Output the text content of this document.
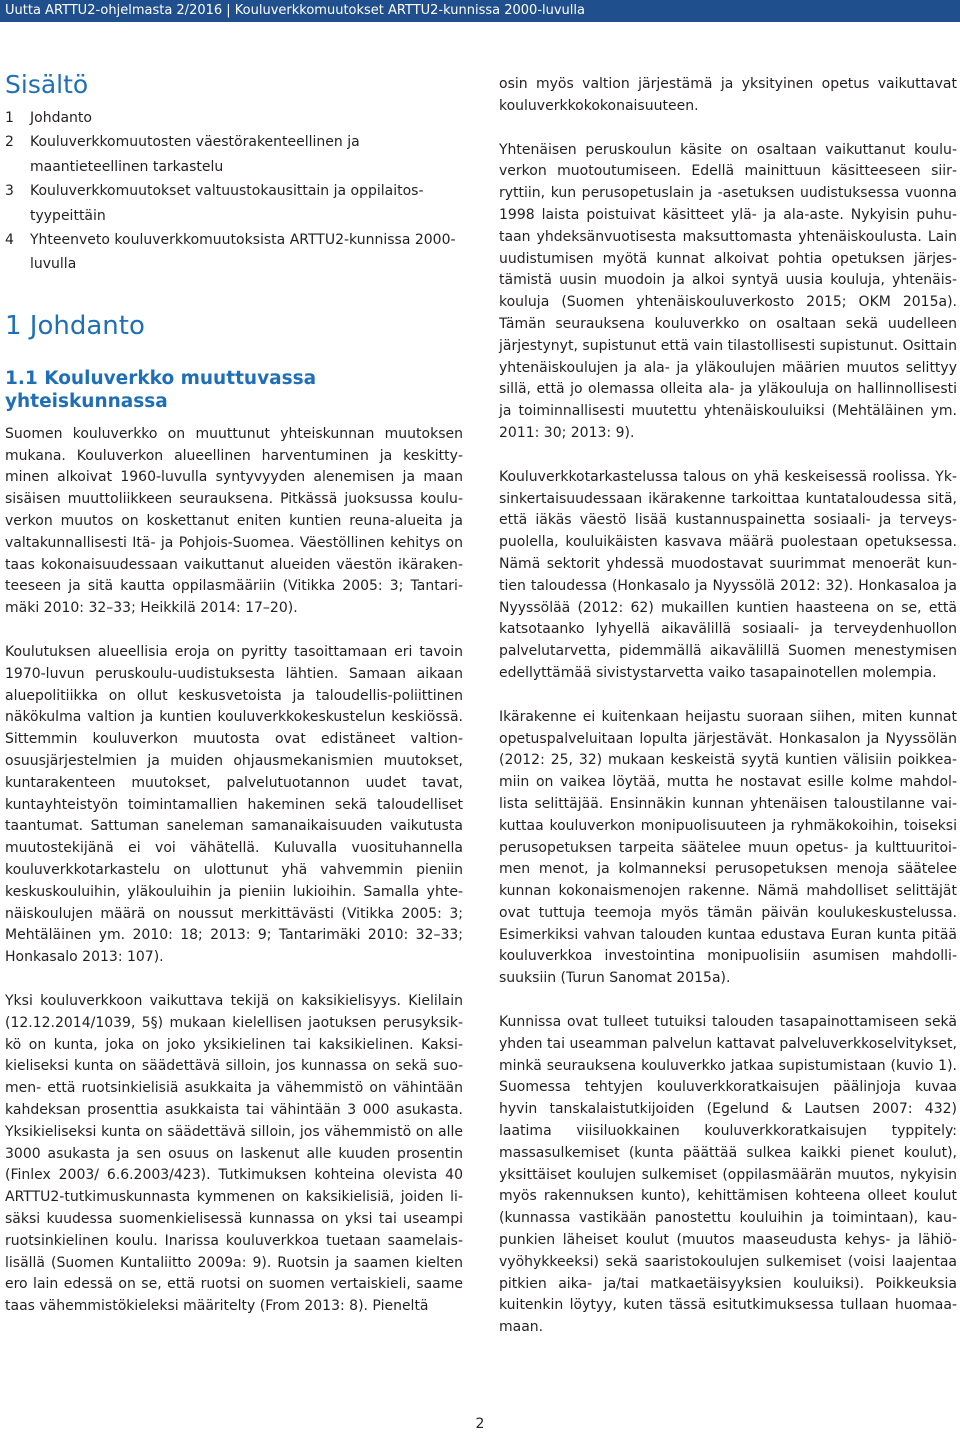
Uutta ARTTU2-ohjelmasta 2/2016 | Kouluverkkomuutokset ARTTU2-kunnissa 2000-luvulla
Sisältö
1 Johdanto
2 Kouluverkkomuutosten väestörakenteellinen ja maantieteellinen tarkastelu
3 Kouluverkkomuutokset valtuustokausittain ja oppilaitostyypeittäin
4 Yhteenveto kouluverkkomuutoksista ARTTU2-kunnissa 2000-luvulla
1 Johdanto
1.1 Kouluverkko muuttuvassa yhteiskunnassa

Suomen kouluverkko on muuttunut yhteiskunnan muutoksen mukana. Kouluverkon alueellinen harventuminen ja keskittyminen alkoivat 1960-luvulla syntyvyyden alenemisen ja maan sisäisen muuttoliikkeen seurauksena. Pitkässä juoksussa kouluverkon muutos on koskettanut eniten kuntien reuna-alueita ja valtakunnallisesti Itä- ja Pohjois-Suomea. Väestöllinen kehitys on taas kokonaisuudessaan vaikuttanut alueiden väestön ikärakenteeseen ja sitä kautta oppilasmääriin (Vitikka 2005: 3; Tantarimäki 2010: 32–33; Heikkilä 2014: 17–20).

Koulutuksen alueellisia eroja on pyritty tasoittamaan eri tavoin 1970-luvun peruskoulu-uudistuksesta lähtien. Samaan aikaan aluepolitiikka on ollut keskusvetoista ja taloudellis-poliittinen näkökulma valtion ja kuntien kouluverkkokeskustelun keskiössä. Sittemmin kouluverkon muutosta ovat edistäneet valtionosuusjärjestelmien ja muiden ohjausmekanismien muutokset, kuntarakenteen muutokset, palvelutuotannon uudet tavat, kuntayhteistyön toimintamallien hakeminen sekä taloudelliset taantumat. Sattuman saneleman samanaikaisuuden vaikutusta muutostekijänä ei voi vähätellä. Kuluvalla vuosituhannella kouluverkkotarkastelu on ulottunut yhä vahvemmin pieniin keskuskouluihin, yläkouluihin ja pieniin lukioihin. Samalla yhtenäiskoulujen määrä on noussut merkittävästi (Vitikka 2005: 3; Mehtäläinen ym. 2010: 18; 2013: 9; Tantarimäki 2010: 32–33; Honkasalo 2013: 107).

Yksi kouluverkkoon vaikuttava tekijä on kaksikielisyys. Kielilain (12.12.2014/1039, 5§) mukaan kielellisen jaotuksen perusyksikkö on kunta, joka on joko yksikielinen tai kaksikielinen. Kaksikieliseksi kunta on säädettävä silloin, jos kunnassa on sekä suomen- että ruotsinkielisiä asukkaita ja vähemmistö on vähintään kahdeksan prosenttia asukkaista tai vähintään 3 000 asukasta. Yksikieliseksi kunta on säädettävä silloin, jos vähemmistö on alle 3000 asukasta ja sen osuus on laskenut alle kuuden prosentin (Finlex 2003/ 6.6.2003/423). Tutkimuksen kohteina olevista 40 ARTTU2-tutkimuskunnasta kymmenen on kaksikielisiä, joiden lisäksi kuudessa suomenkielisessä kunnassa on yksi tai useampi ruotsinkielinen koulu. Inarissa kouluverkkoa tuetaan saamelaislisällä (Suomen Kuntaliitto 2009a: 9). Ruotsin ja saamen kielten ero lain edessä on se, että ruotsi on suomen vertaiskieli, saame taas vähemmistökieleksi määritelty (From 2013: 8). Pieneltä

osin myös valtion järjestämä ja yksityinen opetus vaikuttavat kouluverkkokokonaisuuteen.

Yhtenäisen peruskoulun käsite on osaltaan vaikuttanut kouluverkon muotoutumiseen. Edellä mainittuun käsitteeseen siirryttiin, kun perusopetuslain ja -asetuksen uudistuksessa vuonna 1998 laista poistuivat käsitteet ylä- ja ala-aste. Nykyisin puhutaan yhdeksänvuotisesta maksuttomasta yhtenäiskoulusta. Lain uudistumisen myötä kunnat alkoivat pohtia opetuksen järjestämistä uusin muodoin ja alkoi syntyä uusia kouluja, yhtenäiskouluja (Suomen yhtenäiskouluverkosto 2015; OKM 2015a). Tämän seurauksena kouluverkko on osaltaan sekä uudelleen järjestynyt, supistunut että vain tilastollisesti supistunut. Osittain yhtenäiskoulujen ja ala- ja yläkoulujen määrien muutos selittyy sillä, että jo olemassa olleita ala- ja yläkouluja on hallinnollisesti ja toiminnallisesti muutettu yhtenäiskouluiksi (Mehtäläinen ym. 2011: 30; 2013: 9).

Kouluverkkotarkastelussa talous on yhä keskeisessä roolissa. Yksinkertaisuudessaan ikärakenne tarkoittaa kuntataloudessa sitä, että iäkäs väestö lisää kustannuspainetta sosiaali- ja terveyspuolella, kouluikäisten kasvava määrä puolestaan opetuksessa. Nämä sektorit yhdessä muodostavat suurimmat menoerät kuntien taloudessa (Honkasalo ja Nyyssölä 2012: 32). Honkasaloa ja Nyyssölää (2012: 62) mukaillen kuntien haasteena on se, että katsotaanko lyhyellä aikavälillä sosiaali- ja terveydenhuollon palvelutarvetta, pidemmällä aikavälillä Suomen menestymisen edellyttämää sivistystarvetta vaiko tasapainotellen molempia.

Ikärakenne ei kuitenkaan heijastu suoraan siihen, miten kunnat opetuspalveluitaan lopulta järjestävät. Honkasalon ja Nyyssölän (2012: 25, 32) mukaan keskeistä syytä kuntien välisiin poikkeamiin on vaikea löytää, mutta he nostavat esille kolme mahdollista selittäjää. Ensinnäkin kunnan yhtenäisen taloustilanne vaikuttaa kouluverkon monipuolisuuteen ja ryhmäkokoihin, toiseksi perusopetuksen tarpeita säätelee muun opetus- ja kulttuuritoimen menot, ja kolmanneksi perusopetuksen menoja säätelee kunnan kokonaismenojen rakenne. Nämä mahdolliset selittäjät ovat tuttuja teemoja myös tämän päivän koulukeskustelussa. Esimerkiksi vahvan talouden kuntaa edustava Euran kunta pitää kouluverkkoa investointina monipuolisiin asumisen mahdollisuuksiin (Turun Sanomat 2015a).

Kunnissa ovat tulleet tutuiksi talouden tasapainottamiseen sekä yhden tai useamman palvelun kattavat palveluverkkoselvitykset, minkä seurauksena kouluverkko jatkaa supistumistaan (kuvio 1). Suomessa tehtyjen kouluverkkoratkaisujen päälinjoja kuvaa hyvin tanskalaistutkijoiden (Egelund & Lautsen 2007: 432) laatima viisiluokkainen kouluverkkoratkaisujen typpitely: massasulkemiset (kunta päättää sulkea kaikki pienet koulut), yksittäiset koulujen sulkemiset (oppilasmäärän muutos, nykyisin myös rakennuksen kunto), kehittämisen kohteena olleet koulut (kunnassa vastikään panostettu kouluihin ja toimintaan), kaupunkien läheiset koulut (muutos maaseudusta kehys- ja lähiövyöhykkeeksi) sekä saaristokoulujen sulkemiset (voisi laajentaa pitkien aika- ja/tai matkaetäisyyksien kouluiksi). Poikkeuksia kuitenkin löytyy, kuten tässä esitutkimuksessa tullaan huomaamaan.

2
